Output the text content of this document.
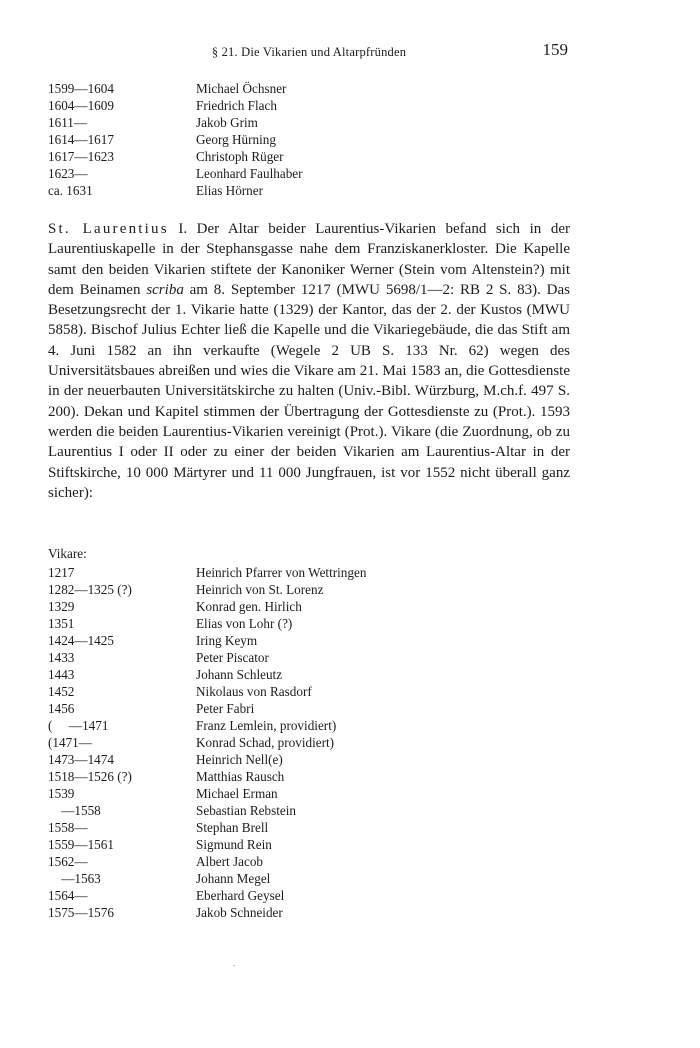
§ 21. Die Vikarien und Altarpfründen	159
1599—1604	Michael Öchsner
1604—1609	Friedrich Flach
1611—	Jakob Grim
1614—1617	Georg Hürning
1617—1623	Christoph Rüger
1623—	Leonhard Faulhaber
ca. 1631	Elias Hörner
St. Laurentius I. Der Altar beider Laurentius-Vikarien befand sich in der Laurentiuskapelle in der Stephansgasse nahe dem Franziskanerkloster. Die Kapelle samt den beiden Vikarien stiftete der Kanoniker Werner (Stein vom Altenstein?) mit dem Beinamen scriba am 8. September 1217 (MWU 5698/1—2: RB 2 S. 83). Das Besetzungsrecht der 1. Vikarie hatte (1329) der Kantor, das der 2. der Kustos (MWU 5858). Bischof Julius Echter ließ die Kapelle und die Vikariegebäude, die das Stift am 4. Juni 1582 an ihn verkaufte (Wegele 2 UB S. 133 Nr. 62) wegen des Universitätsbaues abreißen und wies die Vikare am 21. Mai 1583 an, die Gottesdienste in der neuerbauten Universitätskirche zu halten (Univ.-Bibl. Würzburg, M.ch.f. 497 S. 200). Dekan und Kapitel stimmen der Übertragung der Gottesdienste zu (Prot.). 1593 werden die beiden Laurentius-Vikarien vereinigt (Prot.). Vikare (die Zuordnung, ob zu Laurentius I oder II oder zu einer der beiden Vikarien am Laurentius-Altar in der Stiftskirche, 10 000 Märtyrer und 11 000 Jungfrauen, ist vor 1552 nicht überall ganz sicher):
Vikare:
1217	Heinrich Pfarrer von Wettringen
1282—1325 (?)	Heinrich von St. Lorenz
1329	Konrad gen. Hirlich
1351	Elias von Lohr (?)
1424—1425	Iring Keym
1433	Peter Piscator
1443	Johann Schleutz
1452	Nikolaus von Rasdorf
1456	Peter Fabri
(     —1471	Franz Lemlein, providiert)
(1471—	Konrad Schad, providiert)
1473—1474	Heinrich Nell(e)
1518—1526 (?)	Matthias Rausch
1539	Michael Erman
—1558	Sebastian Rebstein
1558—	Stephan Brell
1559—1561	Sigmund Rein
1562—	Albert Jacob
—1563	Johann Megel
1564—	Eberhard Geysel
1575—1576	Jakob Schneider
